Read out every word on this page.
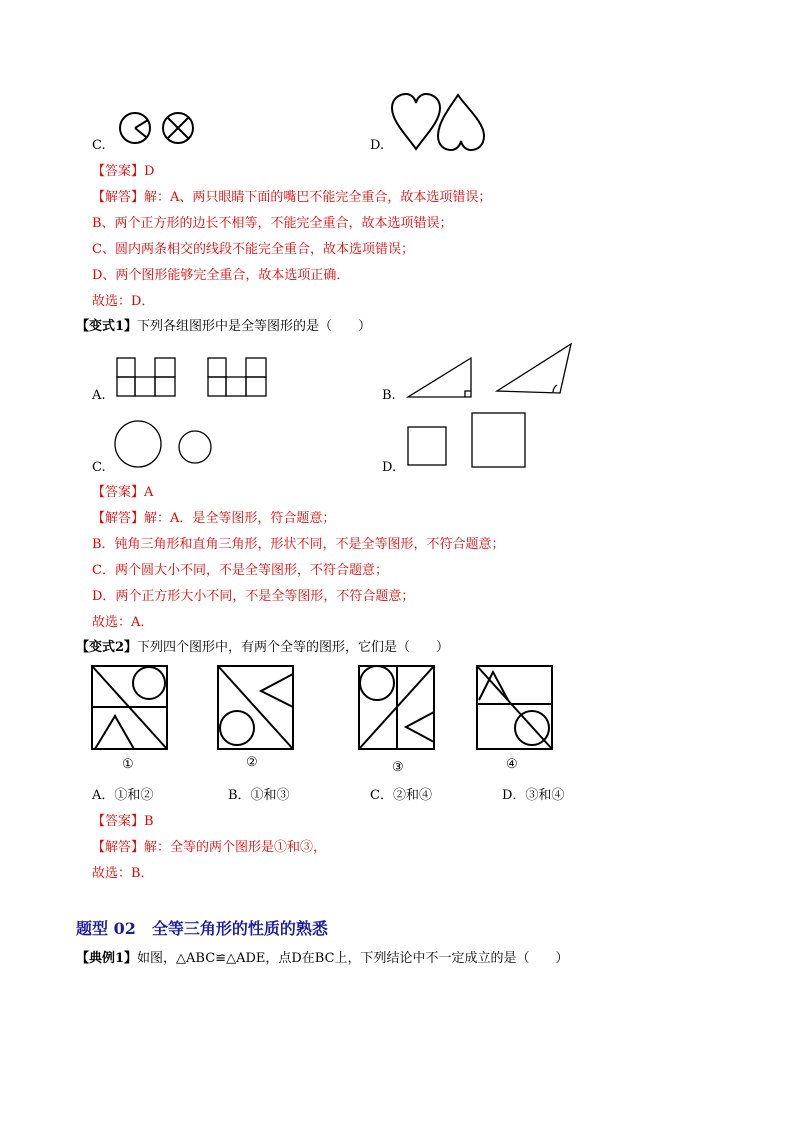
C.	D.
【答案】D
【解答】解：A、两只眼睛下面的嘴巴不能完全重合，故本选项错误；
B、两个正方形的边长不相等，不能完全重合，故本选项错误；
C、圆内两条相交的线段不能完全重合，故本选项错误；
D、两个图形能够完全重合，故本选项正确．
故选：D．
【变式1】下列各组图形中是全等图形的是（　　）
A.	B.
C.	D.
【答案】A
【解答】解：A．是全等图形，符合题意；
B．钝角三角形和直角三角形，形状不同，不是全等图形，不符合题意；
C．两个圆大小不同，不是全等图形，不符合题意；
D．两个正方形大小不同，不是全等图形，不符合题意；
故选：A．
【变式2】下列四个图形中，有两个全等的图形，它们是（　　）
①	②	③	④
A．①和②	B．①和③	C．②和④	D．③和④
【答案】B
【解答】解：全等的两个图形是①和③，
故选：B．
题型 02　全等三角形的性质的熟悉
【典例1】如图，△ABC≌△ADE，点D在BC上，下列结论中不一定成立的是（　　）
